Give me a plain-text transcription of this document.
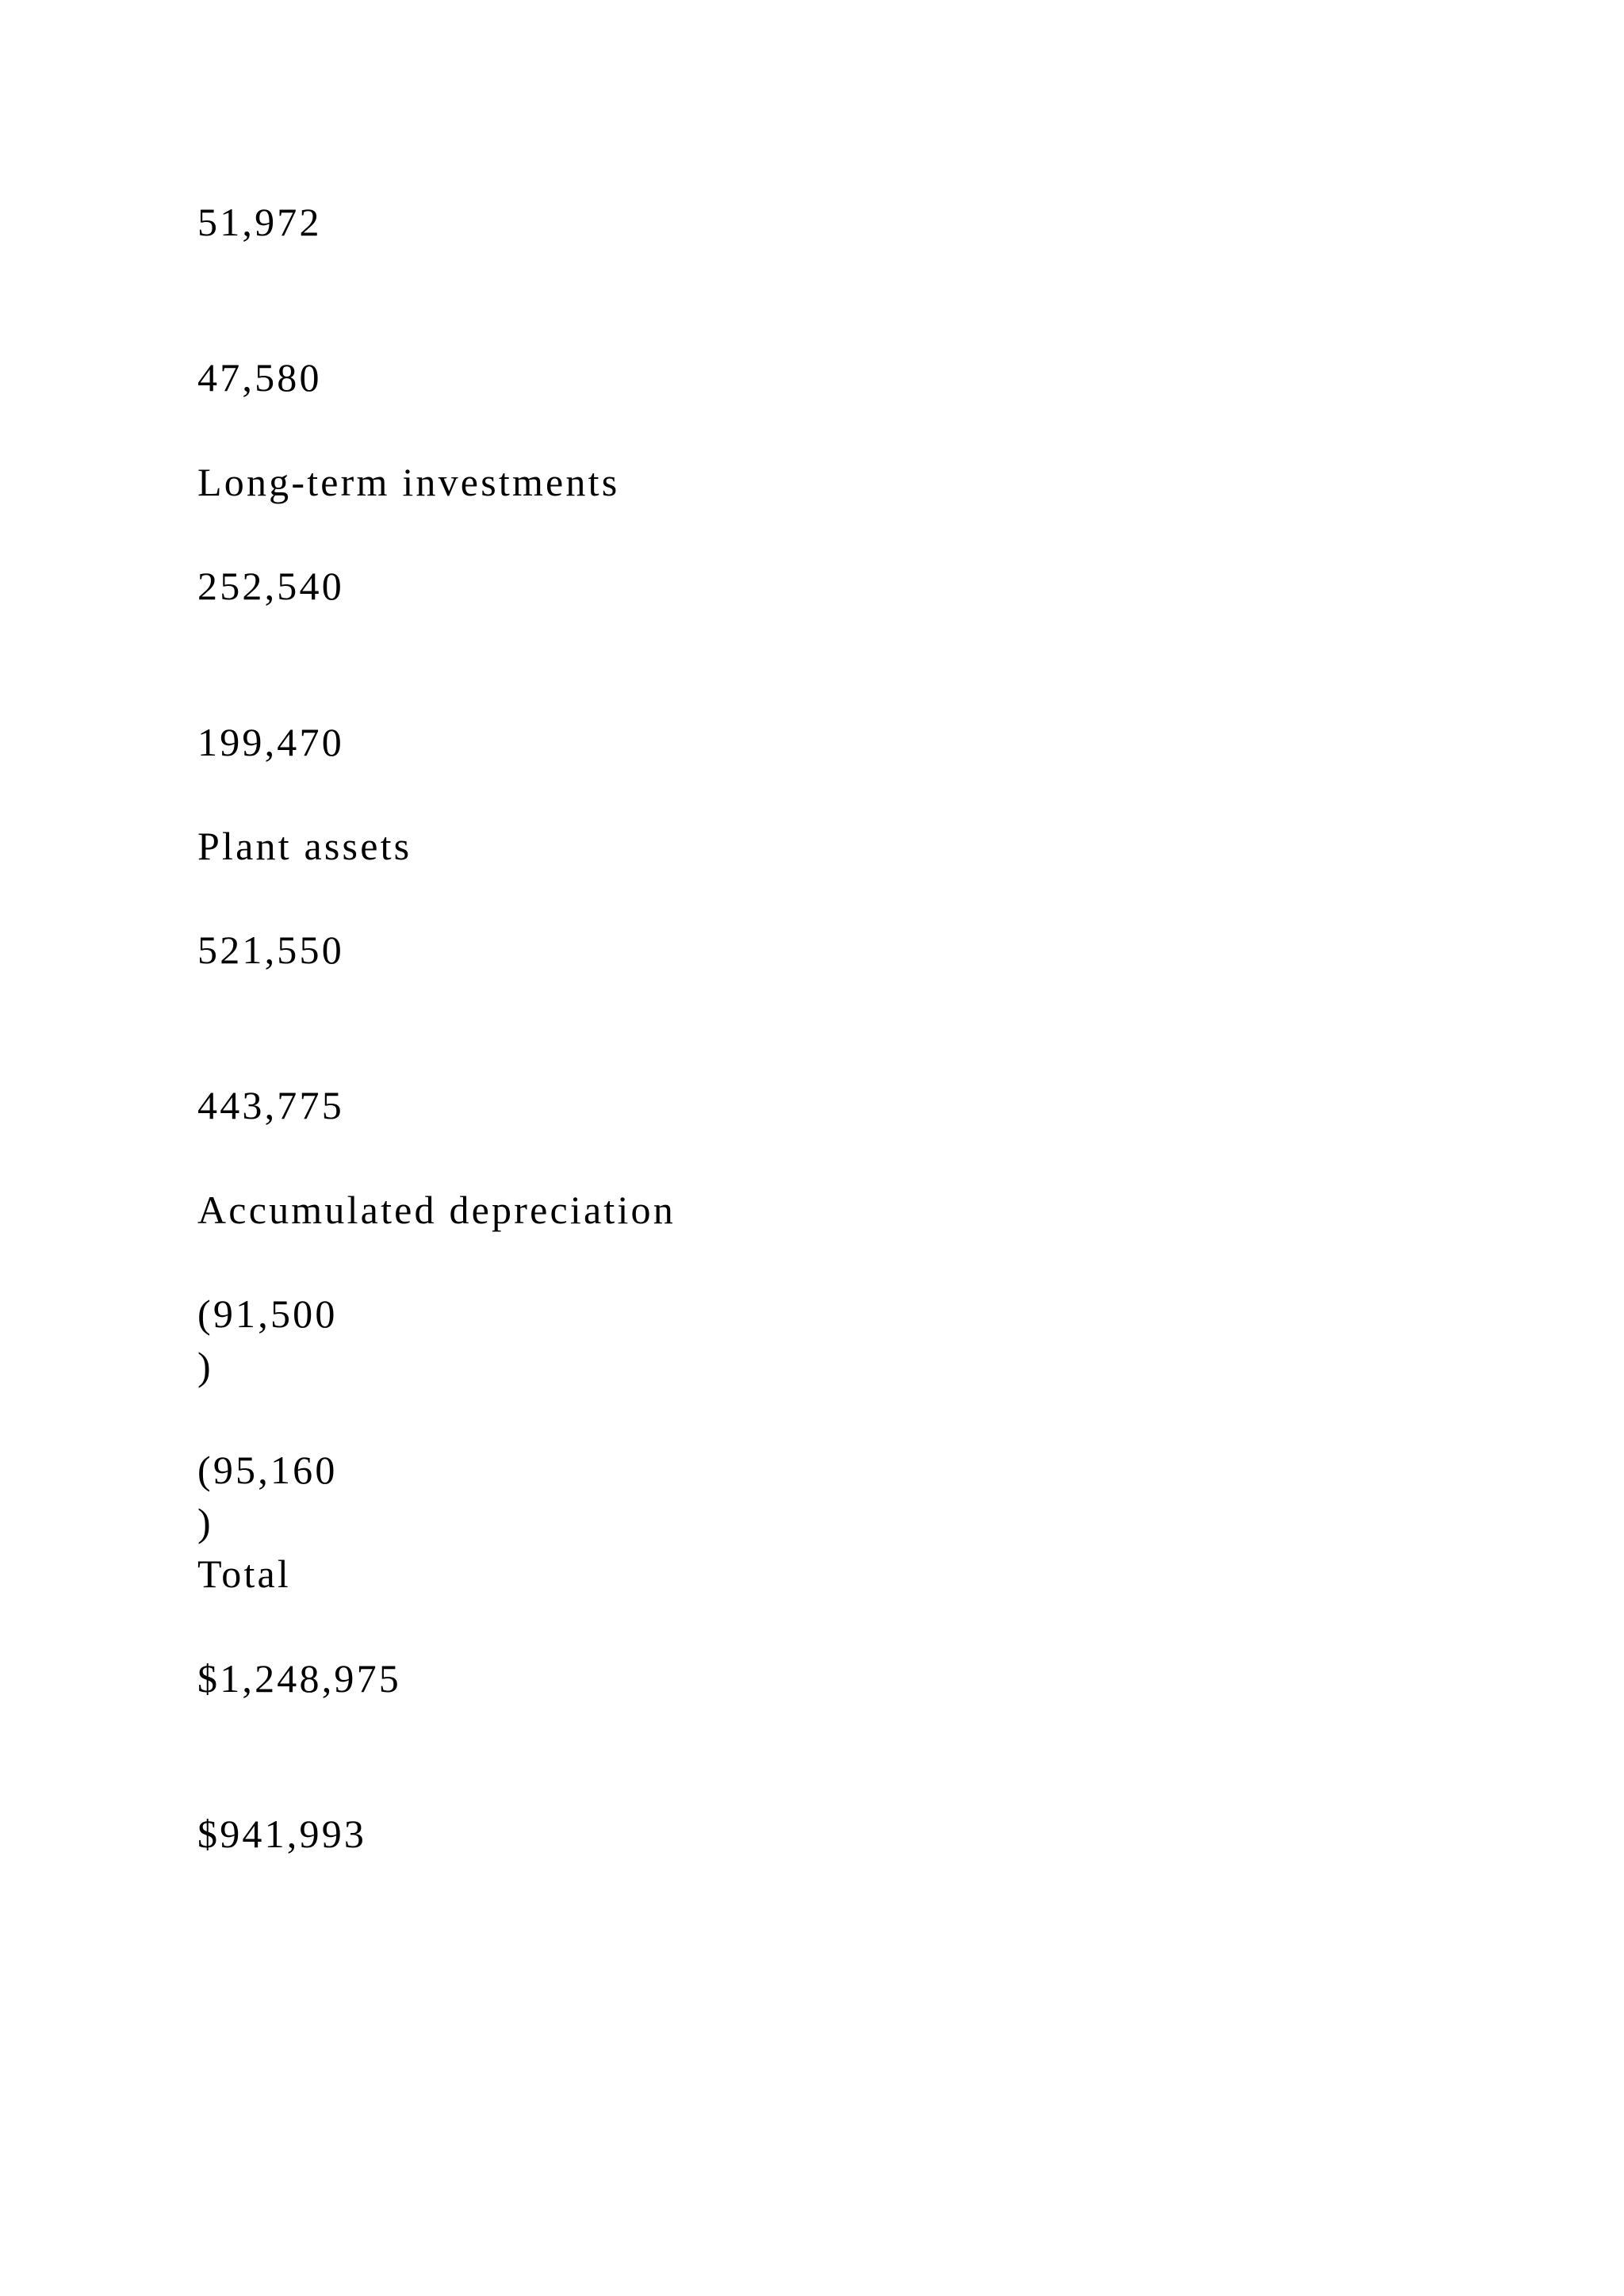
51,972

47,580

Long-term investments

252,540

199,470

Plant assets

521,550

443,775

Accumulated depreciation

(91,500

)

(95,160

)

Total

$1,248,975

$941,993
